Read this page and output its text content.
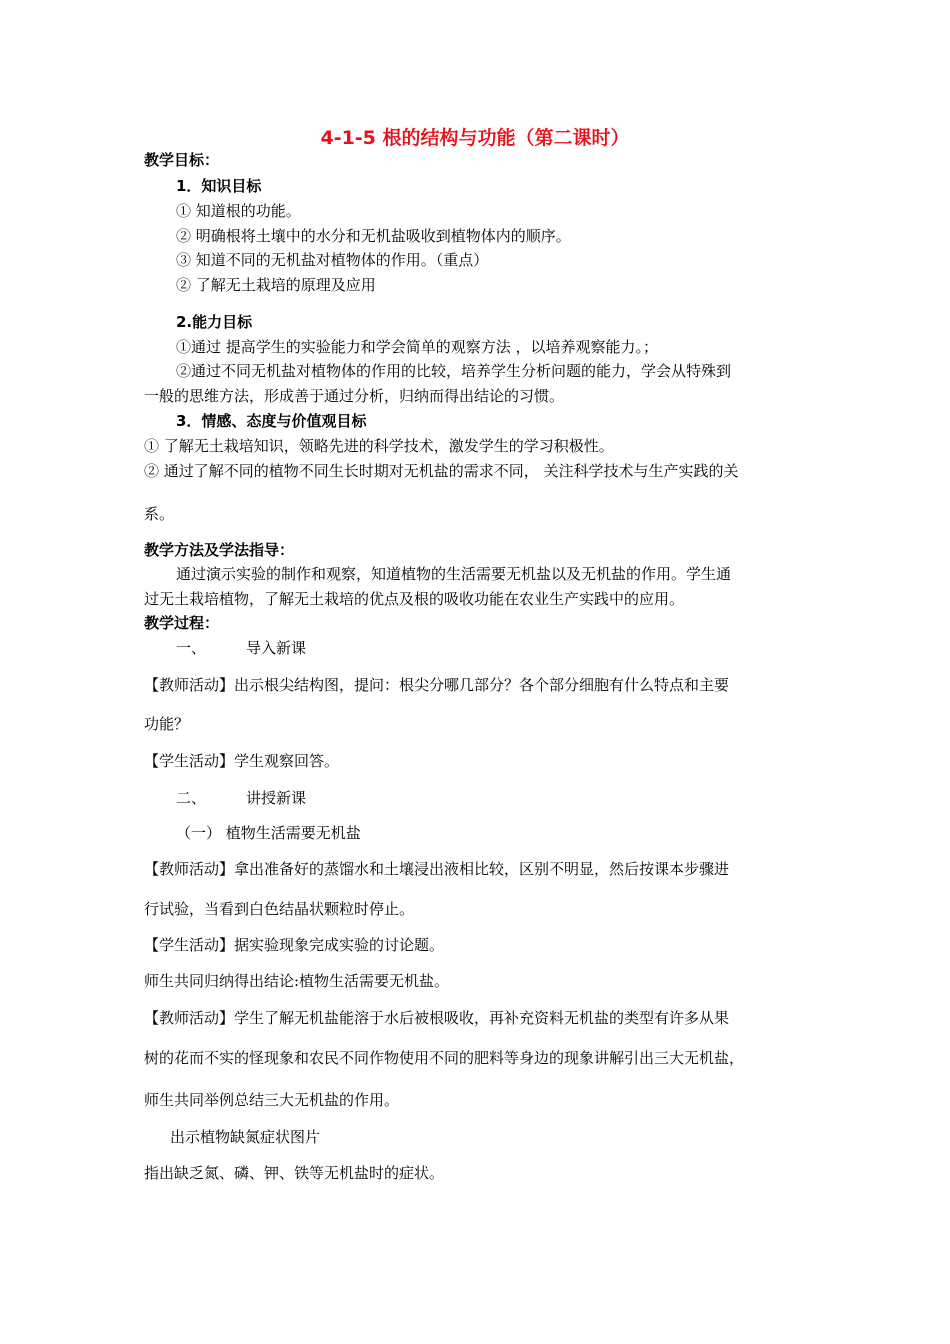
4-1-5 根的结构与功能（第二课时）
教学目标：
1．知识目标
① 知道根的功能。
② 明确根将土壤中的水分和无机盐吸收到植物体内的顺序。
③ 知道不同的无机盐对植物体的作用。（重点）
② 了解无土栽培的原理及应用
2.能力目标
①通过 提高学生的实验能力和学会简单的观察方法 ，以培养观察能力。；
②通过不同无机盐对植物体的作用的比较，培养学生分析问题的能力，学会从特殊到
一般的思维方法，形成善于通过分析，归纳而得出结论的习惯。
3．情感、态度与价值观目标
① 了解无土栽培知识，领略先进的科学技术，激发学生的学习积极性。
② 通过了解不同的植物不同生长时期对无机盐的需求不同， 关注科学技术与生产实践的关
系。
教学方法及学法指导：
通过演示实验的制作和观察，知道植物的生活需要无机盐以及无机盐的作用。学生通
过无土栽培植物，了解无土栽培的优点及根的吸收功能在农业生产实践中的应用。
教学过程：
一、	导入新课
【教师活动】出示根尖结构图，提问：根尖分哪几部分？各个部分细胞有什么特点和主要
功能？
【学生活动】学生观察回答。
二、	讲授新课
（一） 植物生活需要无机盐
【教师活动】拿出准备好的蒸馏水和土壤浸出液相比较，区别不明显，然后按课本步骤进
行试验，当看到白色结晶状颗粒时停止。
【学生活动】据实验现象完成实验的讨论题。
师生共同归纳得出结论:植物生活需要无机盐。
【教师活动】学生了解无机盐能溶于水后被根吸收，再补充资料无机盐的类型有许多从果
树的花而不实的怪现象和农民不同作物使用不同的肥料等身边的现象讲解引出三大无机盐，
师生共同举例总结三大无机盐的作用。
出示植物缺氮症状图片
指出缺乏氮、磷、钾、铁等无机盐时的症状。
